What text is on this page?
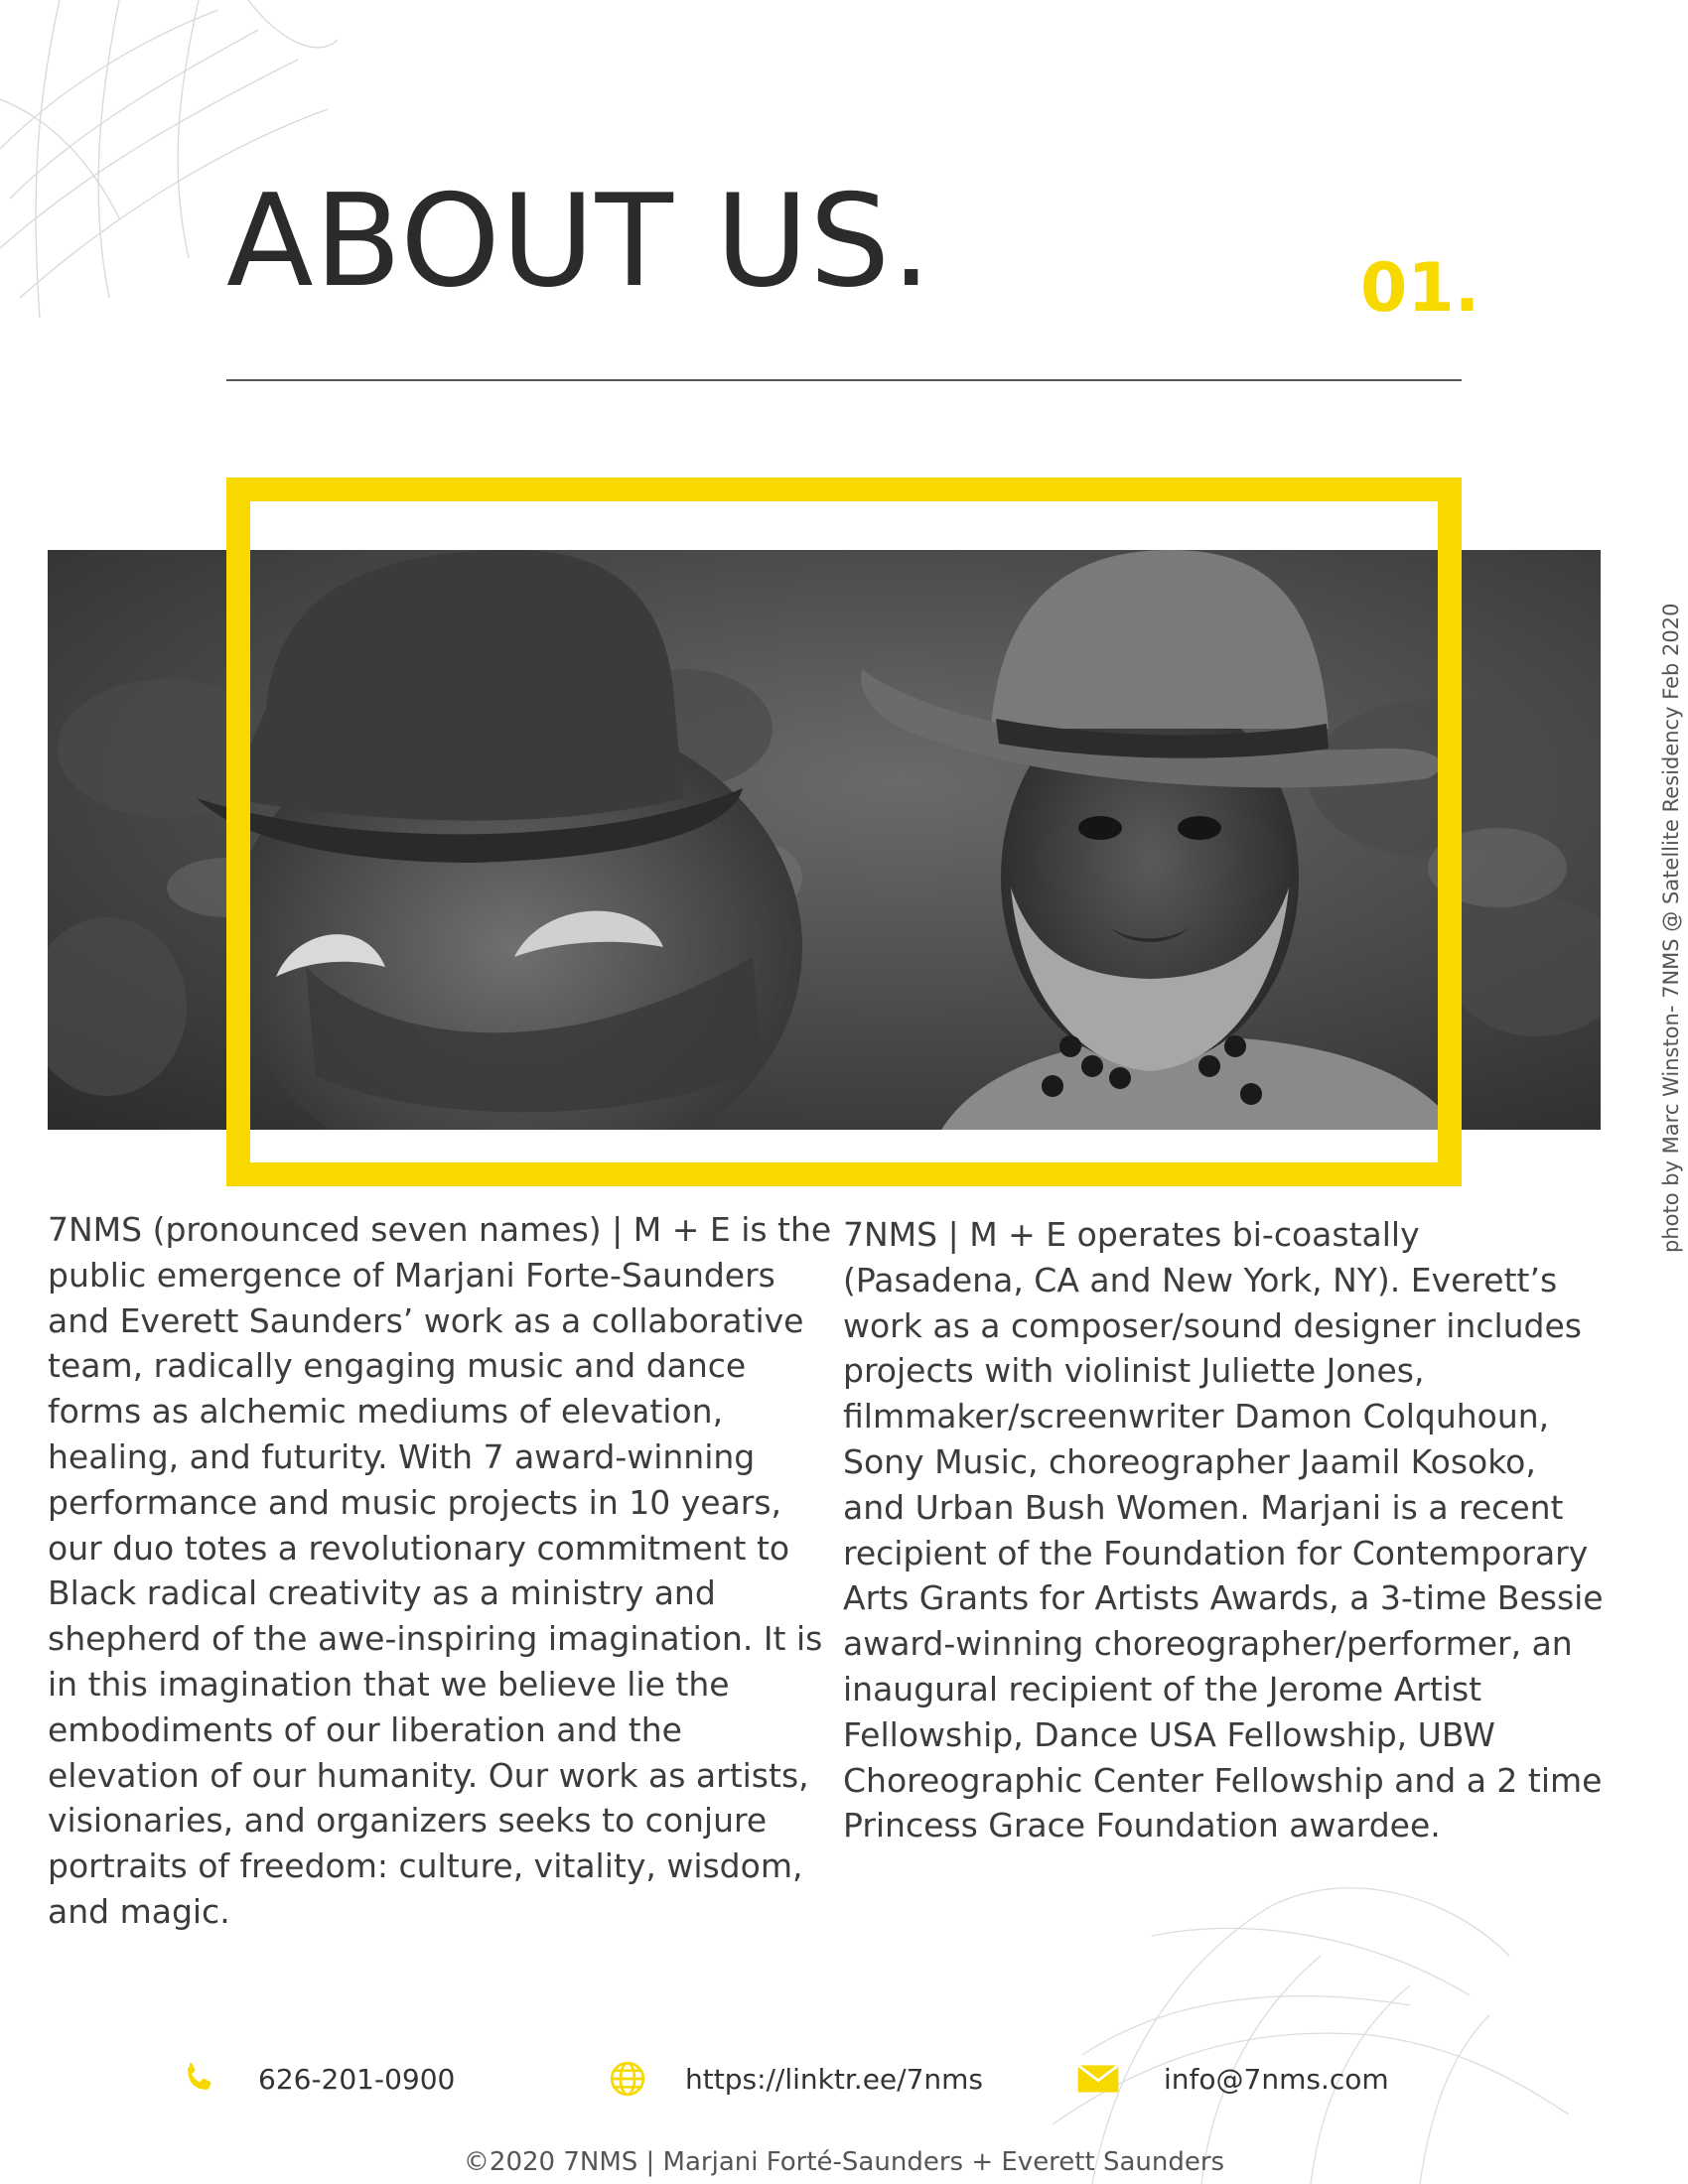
ABOUT US.	01.
photo by Marc Winston- 7NMS @ Satellite Residency Feb 2020

7NMS (pronounced seven names) | M + E is the public emergence of Marjani Forte-Saunders and Everett Saunders’ work as a collaborative team, radically engaging music and dance forms as alchemic mediums of elevation, healing, and futurity. With 7 award-winning performance and music projects in 10 years, our duo totes a revolutionary commitment to Black radical creativity as a ministry and shepherd of the awe-inspiring imagination. It is in this imagination that we believe lie the embodiments of our liberation and the elevation of our humanity. Our work as artists, visionaries, and organizers seeks to conjure portraits of freedom: culture, vitality, wisdom, and magic.

7NMS | M + E operates bi-coastally (Pasadena, CA and New York, NY). Everett’s work as a composer/sound designer includes projects with violinist Juliette Jones, filmmaker/screenwriter Damon Colquhoun, Sony Music, choreographer Jaamil Kosoko, and Urban Bush Women. Marjani is a recent recipient of the Foundation for Contemporary Arts Grants for Artists Awards, a 3-time Bessie award-winning choreographer/performer, an inaugural recipient of the Jerome Artist Fellowship, Dance USA Fellowship, UBW Choreographic Center Fellowship and a 2 time Princess Grace Foundation awardee.

626-201-0900	https://linktr.ee/7nms	info@7nms.com
©2020 7NMS | Marjani Forté-Saunders + Everett Saunders
